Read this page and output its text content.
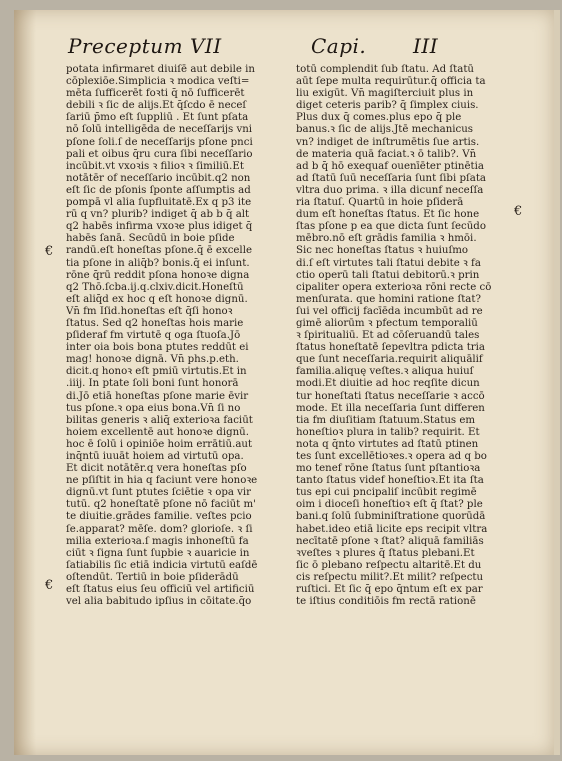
Preceptum VII	Capi. III
€
€
€
potata infirmaret diuiſē aut debile in
cōplexiōe.Simplicia ꝛ modica veſti=
mēta ſufficerēt foꝛti q̄ nō ſufficerēt
debili ꝛ ſic de alijs.Et q̄ſcdo ē neceſ
ſariū p̄mo eſt ſuppliū . Et ſunt pſata
nō ſolū intelligēda de neceſſarijs vni
pſone ſoli.ſ de neceſſarijs pſone pnci
pali et oibus q̄ru cura ſibi neceſſario
incūbit.vt vxoꝛis ꝛ filioꝛ ꝛ ſimiliū.Et
notātēr of neceſſario incūbit.q2 non
eſt ſic de pſonis ſponte aſſumptis ad
pompā vl alia ſupfluitatē.Ex q p3 ite
rū q vn? plurib? indiget q̄ ab b q̄ alt
q2 habēs infirma vxoꝛe plus idiget q̄
habēs ſanā. Secūdū in boie pſide
randū.eſt honeſtas pſone.q̄ ē excelle
tia pſone in aliq̄b? bonis.q̄ ei inſunt.
rōne q̄rū reddit pſona honoꝛe digna
q2 Thō.ſcba.ij.q.clxiv.dicit.Honeſtū
eſt aliq̄d ex hoc q eſt honoꝛe dignū.
Vn̄ fm Iſid̄.honeſtas eſt q̄ſi honoꝛ
ſtatus. Sed q2 honeſtas hois marie
pſideraf fm virtutē q oga ſtuoſa.Jō
inter oia bois bona ptutes reddūt ei
mag! honoꝛe dignā. Vn̄ phs.p.eth.
dicit.q honoꝛ eſt pmiū virtutis.Et in
.iiij. In ptate ſoli boni ſunt honorā
di.Jō etiā honeſtas pſone marie ēvir
tus pſone.ꝛ opa eius bona.Vn̄ ſi no
bilitas generis ꝛ aliq̄ exterioꝛa faciūt
hoiem excellentē aut honoꝛe dignū.
hoc ē ſolū i opiniōe hoim errātiū.aut
inq̄ntū iuuāt hoiem ad virtutū opa.
Et dicit notātēr.q vera honeſtas pſo
ne pſiſtit in hia q faciunt vere honoꝛe
dignū.vt ſunt ptutes ſciētie ꝛ opa vir
tutū. q2 honeſtatē pſone nō faciūt m'
te diuitie.grādes familie. veſtes pcio
ſe.apparat? mēſe. dom? glorioſe. ꝛ ſi
milia exterioꝛa.ſ magis inhoneſtū fa
ciūt ꝛ ſigna ſunt ſupbie ꝛ auaricie in
ſatiabilis ſic etiā indicia virtutū eaſdē
oſtendūt. Tertiū in boie pſiderādū
eſt ſtatus eius ſeu officiū vel artificiū
vel alia babitudo ipſius in cōitate.q̄o
totū complendit ſub ſtatu. Ad ſtatū
aūt ſepe multa requirūtur.q̄ officia ta
liu exigūt. Vn̄ magiſterciuit plus in
diget ceteris parib? q̄ ſimplex ciuis.
Plus dux q̄ comes.plus epo q̄ ple
banus.ꝛ ſic de alijs.Jtē mechanicus
vn? indiget de inſtrumētis ſue artis.
de materia quā faciat.ꝛ ō talib?. Vn̄
ad b q̄ hō exequaf ouenīēter ptinētia
ad ſtatū ſuū neceſſaria ſunt ſibi pſata
vltra duo prima. ꝛ illa dicunf neceſſa
ria ſtatuſ. Quartū in hoie pſiderā
dum eſt honeſtas ſtatus. Et ſic hone
ſtas pſone p ea que dicta ſunt ſecūdo
mēbro.nō eſt grādis familia ꝛ hmōi.
Sic nec honeſtas ſtatus ꝛ huiuſmo
di.ſ eſt virtutes tali ſtatui debite ꝛ fa
ctio operū tali ſtatui debitorū.ꝛ prin
cipaliter opera exterioꝛa rōni recte cō
menſurata. que homini ratione ſtat?
ſui vel officij facīēda incumbūt ad re
gimē aliorūm ꝛ pfectum temporaliū
ꝛ ſpiritualiū. Et ad cōſeruandū tales
ſtatus honeſtatē ſepevltra pdicta tria
que ſunt neceſſaria.requirit aliquālif
familia.aliquę veſtes.ꝛ aliqua huiuſ
modi.Et diuitie ad hoc reqſite dicun
tur honeſtati ſtatus neceſſarie ꝛ accō
mode. Et illa neceſſaria ſunt differen
tia fm diuſitiam ſtatuum.Status em
honeſtioꝛ plura in talib? requirit. Et
nota q q̄nto virtutes ad ſtatū ptinen
tes ſunt excellētioꝛes.ꝛ opera ad q bo
mo tenef rōne ſtatus ſunt pſtantioꝛa
tanto ſtatus videf honeſtioꝛ.Et ita ſta
tus epi cui pncipaliſ incūbit regimē
oim i dioceſi honeſtioꝛ eſt q̄ ſtat? ple
bani.q ſolū ſubminiſtratione quorūdā
habet.ideo etiā licite eps recipit vltra
necītatē pſone ꝛ ſtat? aliquā familiās
ꝛveſtes ꝛ plures q̄ ſtatus plebani.Et
ſic ō plebano reſpectu altaritē.Et du
cis reſpectu milit?.Et milit? reſpectu
ruſtici. Et ſic q̄ epo q̄ntum eſt ex par
te iſtius conditiōis fm rectā rationē
